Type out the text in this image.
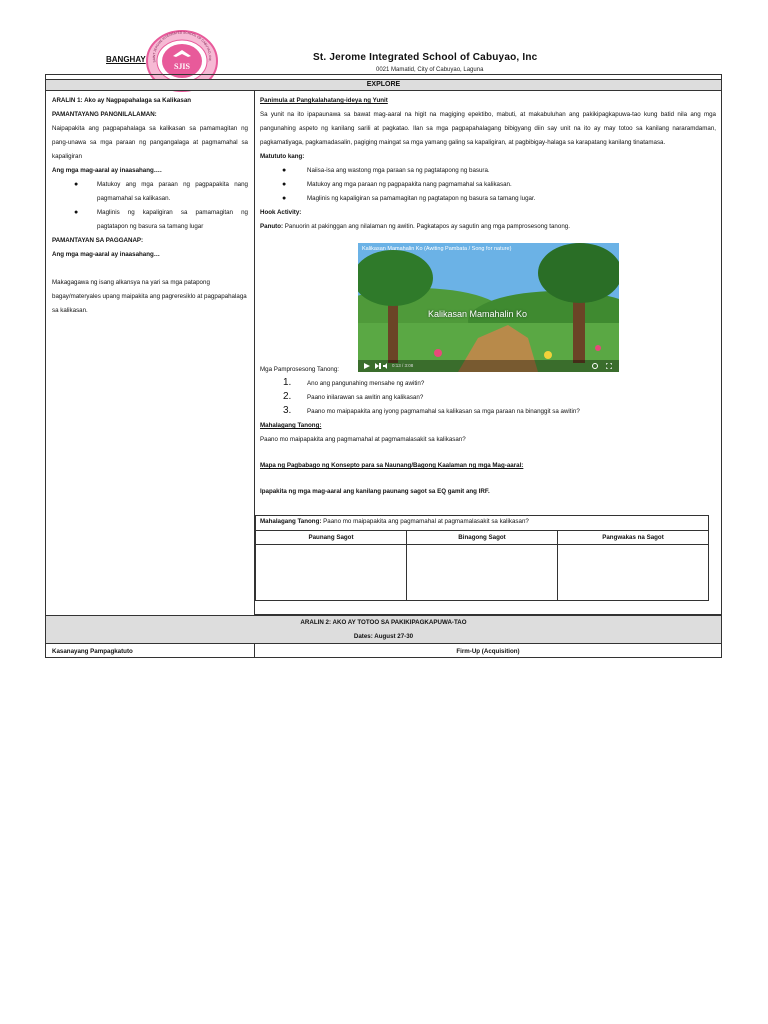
BANGHAY
SJIS
SAINT JEROME INTEGRATED SCHOOL OF CABUYAO, INC.	St. Jerome Integrated School of Cabuyao, Inc
0021 Mamatid, City of Cabuyao, Laguna
EXPLORE

ARALIN 1: Ako ay Nagpapahalaga sa Kalikasan

PAMANTAYANG PANGNILALAMAN:

Naipapakita ang pagpapahalaga sa kalikasan sa pamamagitan ng pang-unawa sa mga paraan ng pangangalaga at pagmamahal sa kapaligiran

Ang mga mag-aaral ay inaasahang….

● Matukoy ang mga paraan ng pagpapakita nang pagmamahal sa kalikasan.
● Maglinis ng kapaligiran sa pamamagitan ng pagtatapon ng basura sa tamang lugar

PAMANTAYAN SA PAGGANAP:

Ang mga mag-aaral ay inaasahang…

Makagagawa ng isang alkansya na yari sa mga patapong bagay/materyales upang maipakita ang pagreresiklo at pagpapahalaga sa kalikasan.

Panimula at Pangkalahatang-ideya ng Yunit

Sa yunit na ito ipapaunawa sa bawat mag-aaral na higit na magiging epektibo, mabuti, at makabuluhan ang pakikipagkapuwa-tao kung batid nila ang mga pangunahing aspeto ng kanilang sarili at pagkatao. Ilan sa mga pagpapahalagang bibigyang diin say unit na ito ay may totoo sa kanilang nararamdaman, pagkamatiyaga, pagkamadasalin, pagiging maingat sa mga yamang galing sa kapaligiran, at pagbibigay-halaga sa karapatang kanilang tinatamasa.

Matututo kang:

● Naiisa-isa ang wastong mga paraan sa ng pagtatapong ng basura.
● Matukoy ang mga paraan ng pagpapakita nang pagmamahal sa kalikasan.
● Maglinis ng kapaligiran sa pamamagitan ng pagtatapon ng basura sa tamang lugar.

Hook Activity:

Panuto: Panuorin at pakinggan ang nilalaman ng awitin. Pagkatapos ay sagutin ang mga pamprosesong tanong.

Mga Pamprosesong Tanong:

1.	Ano ang pangunahing mensahe ng awitin?
2.	Paano inilarawan sa awitin ang kalikasan?
3.	Paano mo maipapakita ang iyong pagmamahal sa kalikasan sa mga paraan na binanggit sa awitin?

Mahalagang Tanong:

Paano mo maipapakita ang pagmamahal at pagmamalasakit sa kalikasan?

Mapa ng Pagbabago ng Konsepto para sa Naunang/Bagong Kaalaman ng mga Mag-aaral:

Ipapakita ng mga mag-aaral ang kanilang paunang sagot sa EQ gamit ang IRF.

Kalikasan Mamahalin Ko (Awiting Pambata / Song for nature)
Kalikasan Mamahalin Ko
0:13 / 3:08
Mahalagang Tanong: Paano mo maipapakita ang pagmamahal at pagmamalasakit sa kalikasan?
Paunang Sagot	Binagong Sagot	Pangwakas na Sagot
ARALIN 2: AKO AY TOTOO SA PAKIKIPAGKAPUWA-TAO
Dates: August 27-30
Kasanayang Pampagkatuto	Firm-Up (Acquisition)
